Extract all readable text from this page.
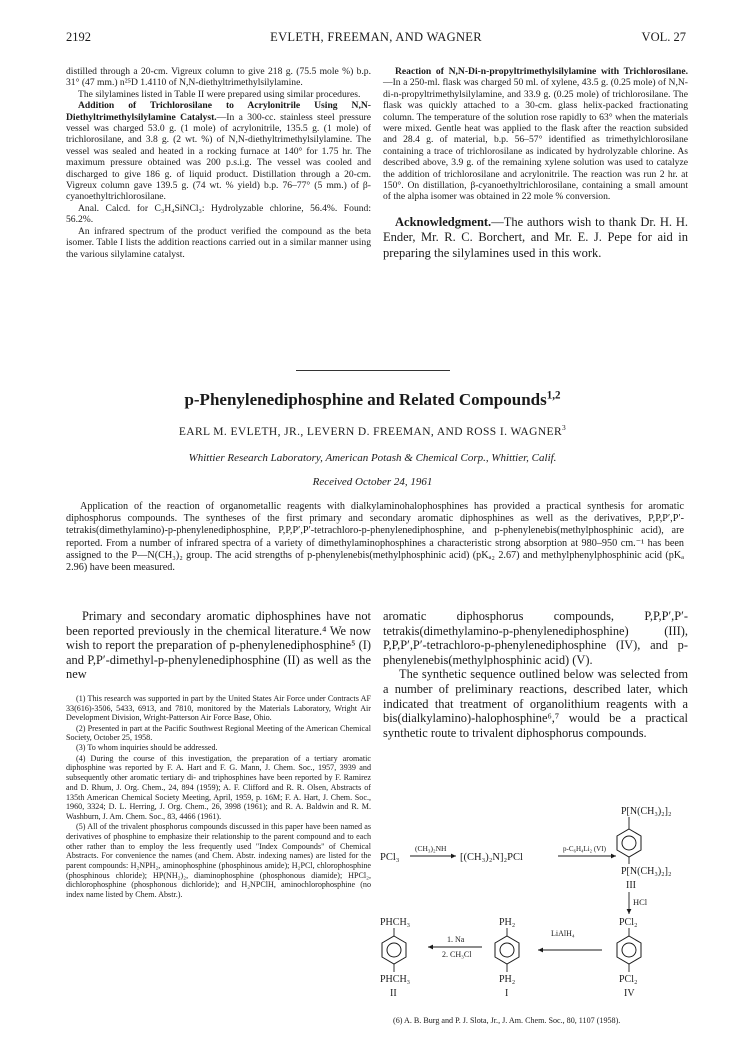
2192	EVLETH, FREEMAN, AND WAGNER	VOL. 27

distilled through a 20-cm. Vigreux column to give 218 g. (75.5 mole %) b.p. 31° (47 mm.) n²⁵D 1.4110 of N,N-diethyltrimethylsilylamine.

The silylamines listed in Table II were prepared using similar procedures.

Addition of Trichlorosilane to Acrylonitrile Using N,N-Diethyltrimethylsilylamine Catalyst.—In a 300-cc. stainless steel pressure vessel was charged 53.0 g. (1 mole) of acrylonitrile, 135.5 g. (1 mole) of trichlorosilane, and 3.8 g. (2 wt. %) of N,N-diethyltrimethylsilylamine. The vessel was sealed and heated in a rocking furnace at 140° for 1.75 hr. The maximum pressure obtained was 200 p.s.i.g. The vessel was cooled and discharged to give 186 g. of liquid product. Distillation through a 20-cm. Vigreux column gave 139.5 g. (74 wt. % yield) b.p. 76–77° (5 mm.) of β-cyanoethyltrichlorosilane.

Anal. Calcd. for C₃H₄SiNCl₃: Hydrolyzable chlorine, 56.4%. Found: 56.2%.

An infrared spectrum of the product verified the compound as the beta isomer. Table I lists the addition reactions carried out in a similar manner using the various silylamine catalyst.

Reaction of N,N-Di-n-propyltrimethylsilylamine with Trichlorosilane.—In a 250-ml. flask was charged 50 ml. of xylene, 43.5 g. (0.25 mole) of N,N-di-n-propyltrimethylsilylamine, and 33.9 g. (0.25 mole) of trichlorosilane. The flask was quickly attached to a 30-cm. glass helix-packed fractionating column. The temperature of the solution rose rapidly to 63° when the materials were mixed. Gentle heat was applied to the flask after the reaction subsided and 28.4 g. of material, b.p. 56–57° identified as trimethylchlorosilane containing a trace of trichlorosilane as indicated by hydrolyzable chlorine. As described above, 3.9 g. of the remaining xylene solution was used to catalyze the addition of trichlorosilane and acrylonitrile. The reaction was run 2 hr. at 150°. On distillation, β-cyanoethyltrichlorosilane, containing a small amount of the alpha isomer was obtained in 22 mole % conversion.

Acknowledgment.—The authors wish to thank Dr. H. H. Ender, Mr. R. C. Borchert, and Mr. E. J. Pepe for aid in preparing the silylamines used in this work.

p-Phenylenediphosphine and Related Compounds$^{1,2}$
EARL M. EVLETH, JR., LEVERN D. FREEMAN, AND ROSS I. WAGNER$^3$
Whittier Research Laboratory, American Potash & Chemical Corp., Whittier, Calif.
Received October 24, 1961

Application of the reaction of organometallic reagents with dialkylaminohalophosphines has provided a practical synthesis for aromatic diphosphorus compounds. The syntheses of the first primary and secondary aromatic diphosphines as well as the derivatives, P,P,P′,P′-tetrakis(dimethylamino)-p-phenylenediphosphine, P,P,P′,P′-tetrachloro-p-phenylenediphosphine, and p-phenylenebis(methylphosphinic acid), are reported. From a number of infrared spectra of a variety of dimethylaminophosphines a characteristic strong absorption at 980–950 cm.⁻¹ has been assigned to the P—N(CH₃)₂ group. The acid strengths of p-phenylenebis(methylphosphinic acid) (pKₐ₂ 2.67) and methylphenylphosphinic acid (pKₐ 2.96) have been measured.

Primary and secondary aromatic diphosphines have not been reported previously in the chemical literature.⁴ We now wish to report the preparation of p-phenylenediphosphine⁵ (I) and P,P′-dimethyl-p-phenylenediphosphine (II) as well as the new

(1) This research was supported in part by the United States Air Force under Contracts AF 33(616)-3506, 5433, 6913, and 7810, monitored by the Materials Laboratory, Wright Air Development Division, Wright-Patterson Air Force Base, Ohio.

(2) Presented in part at the Pacific Southwest Regional Meeting of the American Chemical Society, October 25, 1958.

(3) To whom inquiries should be addressed.

(4) During the course of this investigation, the preparation of a tertiary aromatic diphosphine was reported by F. A. Hart and F. G. Mann, J. Chem. Soc., 1957, 3939 and subsequently other aromatic tertiary di- and triphosphines have been reported by F. Ramirez and D. Rhum, J. Org. Chem., 24, 894 (1959); A. F. Clifford and R. R. Olsen, Abstracts of 135th American Chemical Society Meeting, April, 1959, p. 16M; F. A. Hart, J. Chem. Soc., 1960, 3324; D. L. Herring, J. Org. Chem., 26, 3998 (1961); and R. A. Baldwin and R. M. Washburn, J. Am. Chem. Soc., 83, 4466 (1961).

(5) All of the trivalent phosphorus compounds discussed in this paper have been named as derivatives of phosphine to emphasize their relationship to the parent compound and to each other rather than to employ the less frequently used "Index Compounds" of Chemical Abstracts. For convenience the names (and Chem. Abstr. indexing names) are listed for the parent compounds: H₂NPH₂, aminophosphine (phosphinous amide); H₂PCl, chlorophosphine (phosphinous chloride); HP(NH₂)₂, diaminophosphine (phosphonous diamide); HPCl₂, dichlorophosphine (phosphonous dichloride); and H₂NPClH, aminochlorophosphine (no index name listed by Chem. Abstr.).

aromatic diphosphorus compounds, P,P,P′,P′-tetrakis(dimethylamino-p-phenylenediphosphine) (III), P,P,P′,P′-tetrachloro-p-phenylenediphosphine (IV), and p-phenylenebis(methylphosphinic acid) (V).

The synthetic sequence outlined below was selected from a number of preliminary reactions, described later, which indicated that treatment of organolithium reagents with a bis(dialkylamino)-halophosphine⁶,⁷ would be a practical synthetic route to trivalent diphosphorus compounds.

PCl₃
(CH₃)₂NH
[(CH₃)₂N]₂PCl
p-C₆H₄Li₂ (VI)
P[N(CH₃)₂]₂
P[N(CH₃)₂]₂
III
HCl
PCl₂
PCl₂
IV
LiAlH₄
PH₂
PH₂
I
1. Na
2. CH₃Cl
PHCH₃
PHCH₃
II

(6) A. B. Burg and P. J. Slota, Jr., J. Am. Chem. Soc., 80, 1107 (1958).
